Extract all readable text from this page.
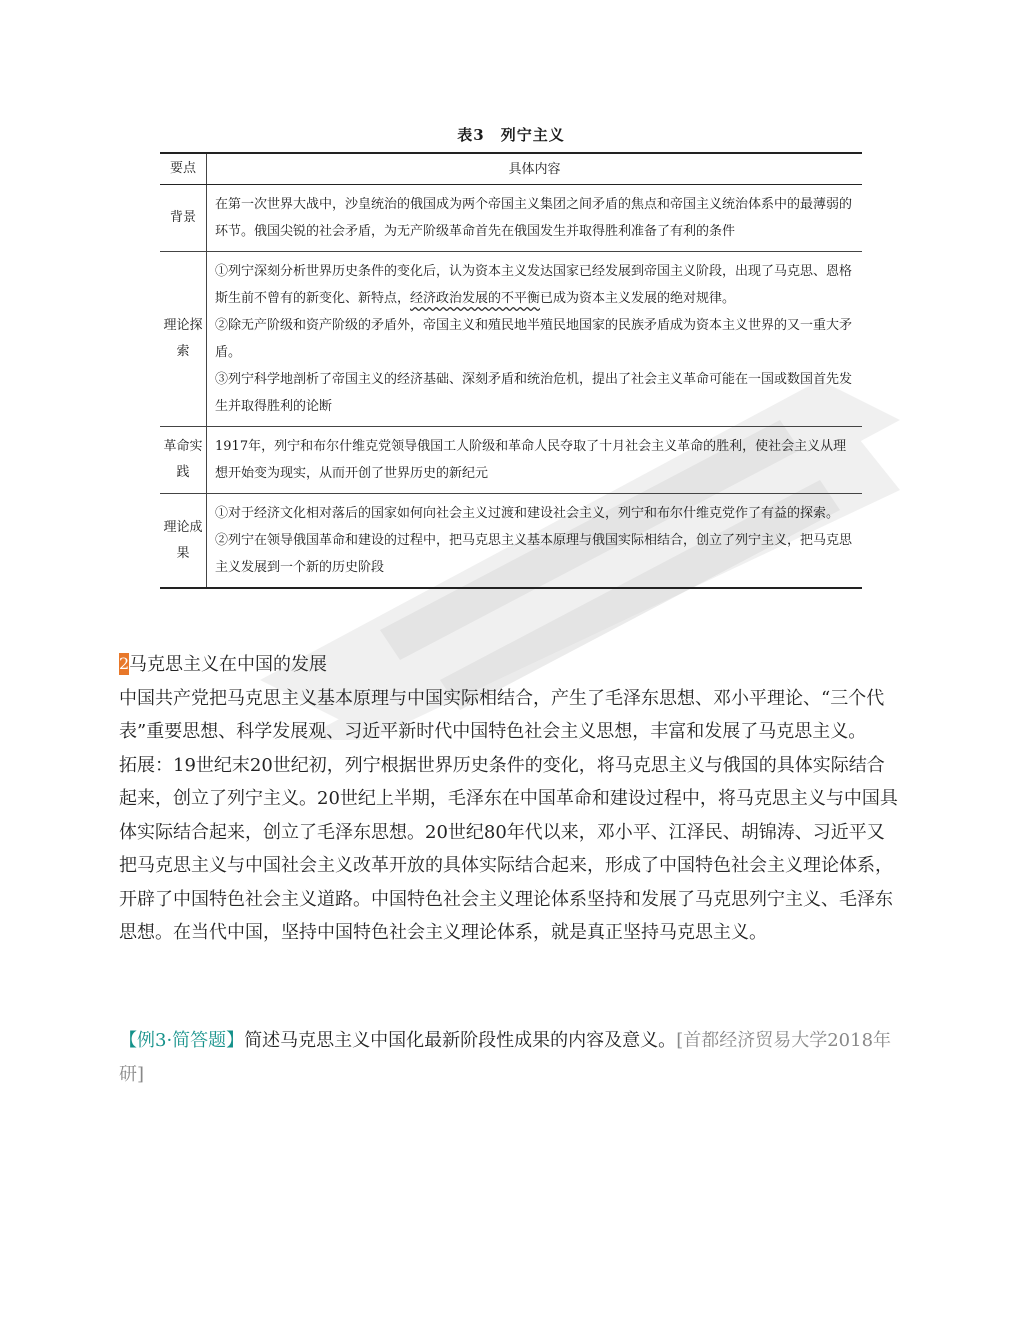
表3　列宁主义
要点	具体内容
背景	在第一次世界大战中，沙皇统治的俄国成为两个帝国主义集团之间矛盾的焦点和帝国主义统治体系中的最薄弱的环节。俄国尖锐的社会矛盾，为无产阶级革命首先在俄国发生并取得胜利准备了有利的条件

理论探索	①列宁深刻分析世界历史条件的变化后，认为资本主义发达国家已经发展到帝国主义阶段，出现了马克思、恩格斯生前不曾有的新变化、新特点，经济政治发展的不平衡已成为资本主义发展的绝对规律。

②除无产阶级和资产阶级的矛盾外，帝国主义和殖民地半殖民地国家的民族矛盾成为资本主义世界的又一重大矛盾。

③列宁科学地剖析了帝国主义的经济基础、深刻矛盾和统治危机，提出了社会主义革命可能在一国或数国首先发生并取得胜利的论断

革命实践	1917年，列宁和布尔什维克党领导俄国工人阶级和革命人民夺取了十月社会主义革命的胜利，使社会主义从理想开始变为现实，从而开创了世界历史的新纪元

理论成果	①对于经济文化相对落后的国家如何向社会主义过渡和建设社会主义，列宁和布尔什维克党作了有益的探索。

②列宁在领导俄国革命和建设的过程中，把马克思主义基本原理与俄国实际相结合，创立了列宁主义，把马克思主义发展到一个新的历史阶段

2马克思主义在中国的发展

中国共产党把马克思主义基本原理与中国实际相结合，产生了毛泽东思想、邓小平理论、“三个代表”重要思想、科学发展观、习近平新时代中国特色社会主义思想，丰富和发展了马克思主义。

拓展：19世纪末20世纪初，列宁根据世界历史条件的变化，将马克思主义与俄国的具体实际结合起来，创立了列宁主义。20世纪上半期，毛泽东在中国革命和建设过程中，将马克思主义与中国具体实际结合起来，创立了毛泽东思想。20世纪80年代以来，邓小平、江泽民、胡锦涛、习近平又把马克思主义与中国社会主义改革开放的具体实际结合起来，形成了中国特色社会主义理论体系，开辟了中国特色社会主义道路。中国特色社会主义理论体系坚持和发展了马克思列宁主义、毛泽东思想。在当代中国，坚持中国特色社会主义理论体系，就是真正坚持马克思主义。

【例3·简答题】简述马克思主义中国化最新阶段性成果的内容及意义。[首都经济贸易大学2018年研]
